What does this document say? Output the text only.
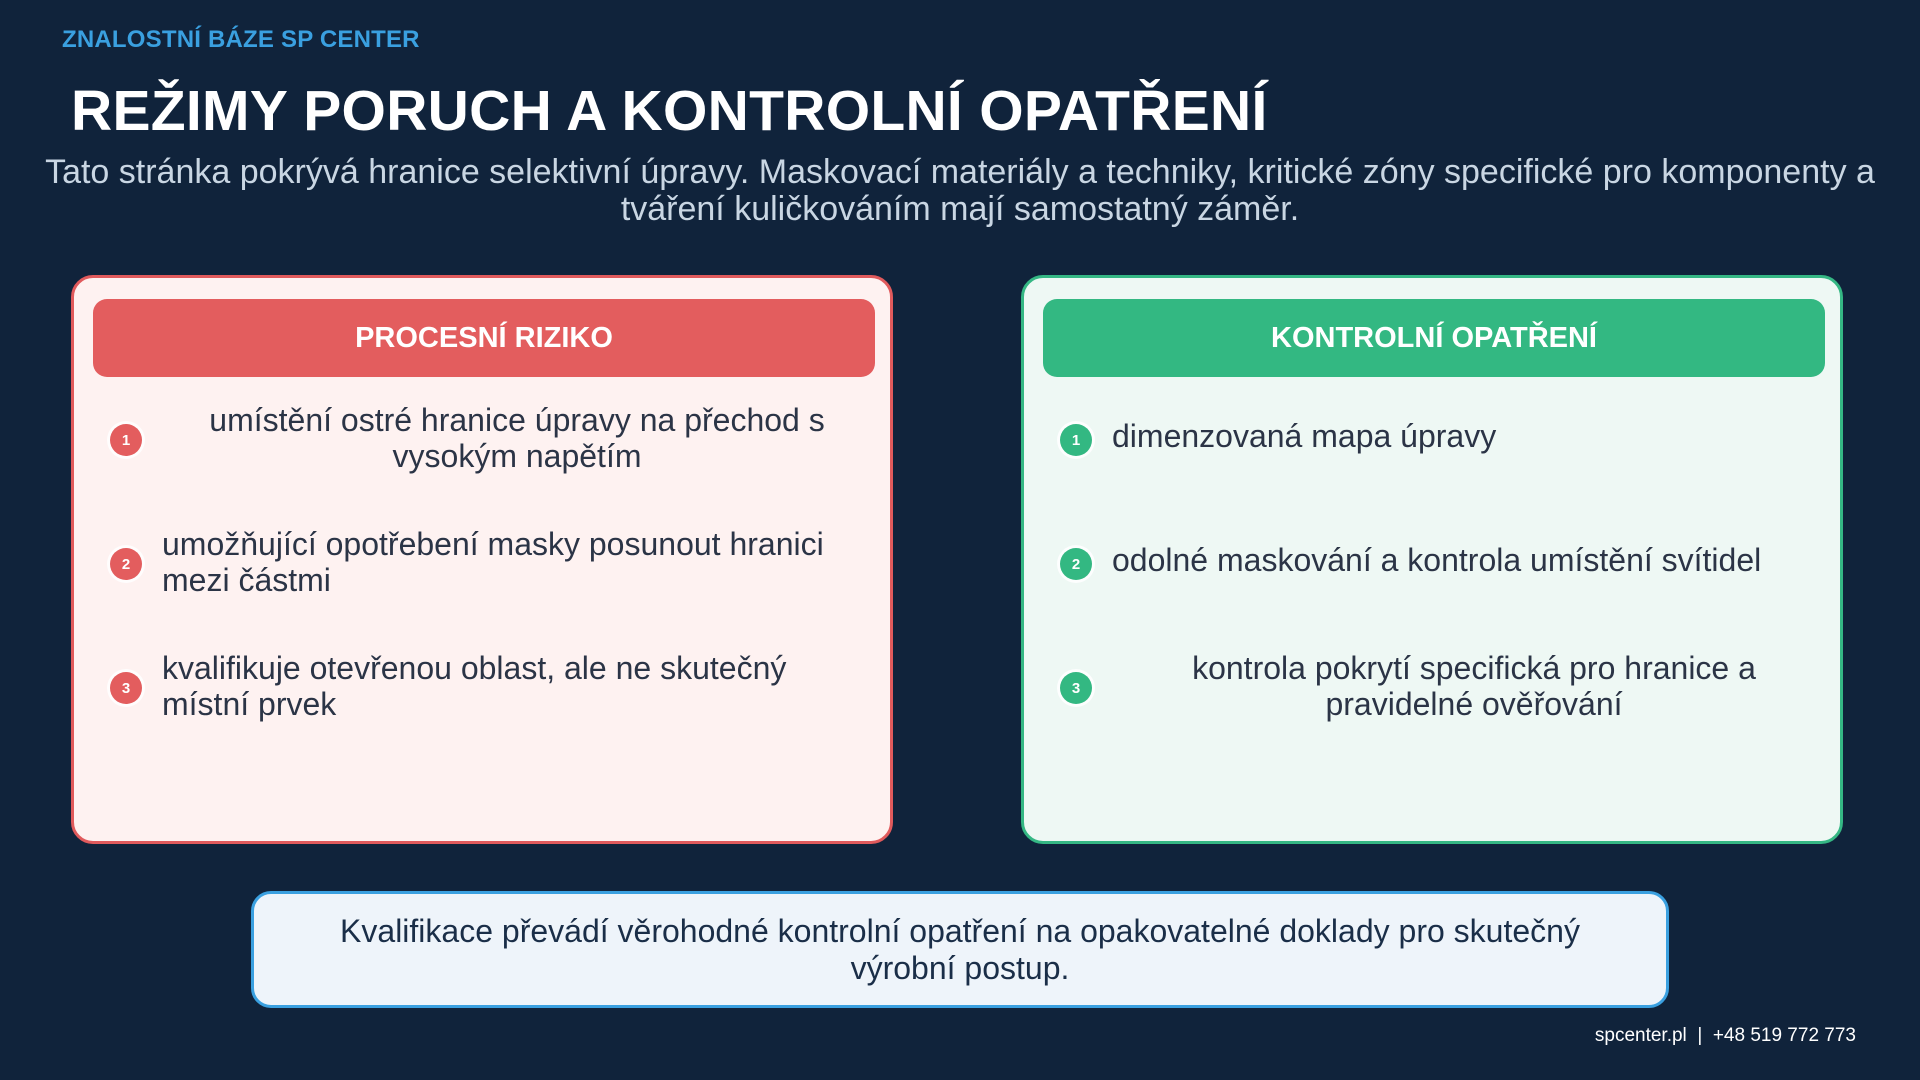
ZNALOSTNÍ BÁZE SP CENTER
REŽIMY PORUCH A KONTROLNÍ OPATŘENÍ
Tato stránka pokrývá hranice selektivní úpravy. Maskovací materiály a techniky, kritické zóny specifické pro komponenty a tváření kuličkováním mají samostatný záměr.
PROCESNÍ RIZIKO
1
umístění ostré hranice úpravy na přechod s vysokým napětím
2
umožňující opotřebení masky posunout hranici mezi částmi
3
kvalifikuje otevřenou oblast, ale ne skutečný místní prvek
KONTROLNÍ OPATŘENÍ
1 dimenzovaná mapa úpravy
2 odolné maskování a kontrola umístění svítidel
3
kontrola pokrytí specifická pro hranice a pravidelné ověřování
Kvalifikace převádí věrohodné kontrolní opatření na opakovatelné doklady pro skutečný výrobní postup.
spcenter.pl  |  +48 519 772 773
